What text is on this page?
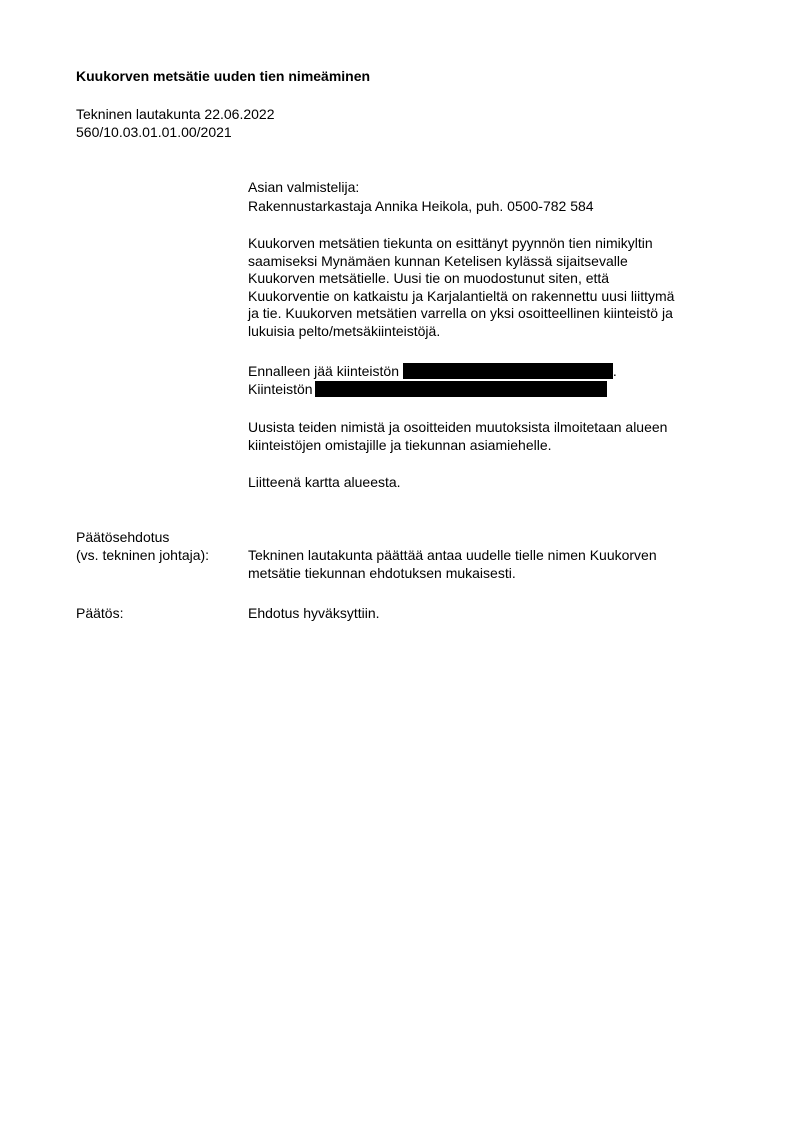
Kuukorven metsätie uuden tien nimeäminen
Tekninen lautakunta 22.06.2022
560/10.03.01.01.00/2021
Asian valmistelija:
Rakennustarkastaja Annika Heikola, puh. 0500-782 584
Kuukorven metsätien tiekunta on esittänyt pyynnön tien nimikyltin
saamiseksi Mynämäen kunnan Ketelisen kylässä sijaitsevalle
Kuukorven metsätielle. Uusi tie on muodostunut siten, että
Kuukorventie on katkaistu ja Karjalantieltä on rakennettu uusi liittymä
ja tie. Kuukorven metsätien varrella on yksi osoitteellinen kiinteistö ja
lukuisia pelto/metsäkiinteistöjä.
Ennalleen jää kiinteistön	.
Kiinteistön
Uusista teiden nimistä ja osoitteiden muutoksista ilmoitetaan alueen
kiinteistöjen omistajille ja tiekunnan asiamiehelle.
Liitteenä kartta alueesta.
Päätösehdotus
(vs. tekninen johtaja):	Tekninen lautakunta päättää antaa uudelle tielle nimen Kuukorven
metsätie tiekunnan ehdotuksen mukaisesti.
Päätös:	Ehdotus hyväksyttiin.
